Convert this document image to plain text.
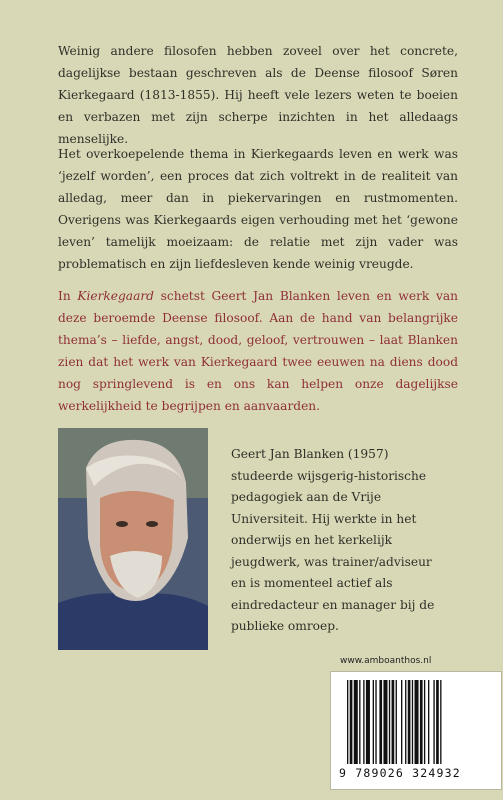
Weinig andere filosofen hebben zoveel over het concrete, dagelijkse bestaan geschreven als de Deense filosoof Søren Kierkegaard (1813-1855). Hij heeft vele lezers weten te boeien en verbazen met zijn scherpe inzichten in het alledaags menselijke.

Het overkoepelende thema in Kierkegaards leven en werk was ‘jezelf worden’, een proces dat zich voltrekt in de realiteit van alledag, meer dan in piekervaringen en rustmomenten. Overigens was Kierkegaards eigen verhouding met het ‘gewone leven’ tamelijk moeizaam: de relatie met zijn vader was problematisch en zijn liefdesleven kende weinig vreugde.

In Kierkegaard schetst Geert Jan Blanken leven en werk van deze beroemde Deense filosoof. Aan de hand van belangrijke thema’s – liefde, angst, dood, geloof, vertrouwen – laat Blanken zien dat het werk van Kierkegaard twee eeuwen na diens dood nog springlevend is en ons kan helpen onze dagelijkse werkelijkheid te begrijpen en aanvaarden.

Geert Jan Blanken (1957) studeerde wijsgerig-historische pedagogiek aan de Vrije Universiteit. Hij werkte in het onderwijs en het kerkelijk jeugdwerk, was trainer/adviseur en is momenteel actief als eindredacteur en manager bij de publieke omroep.

www.amboanthos.nl
9 789026 324932
